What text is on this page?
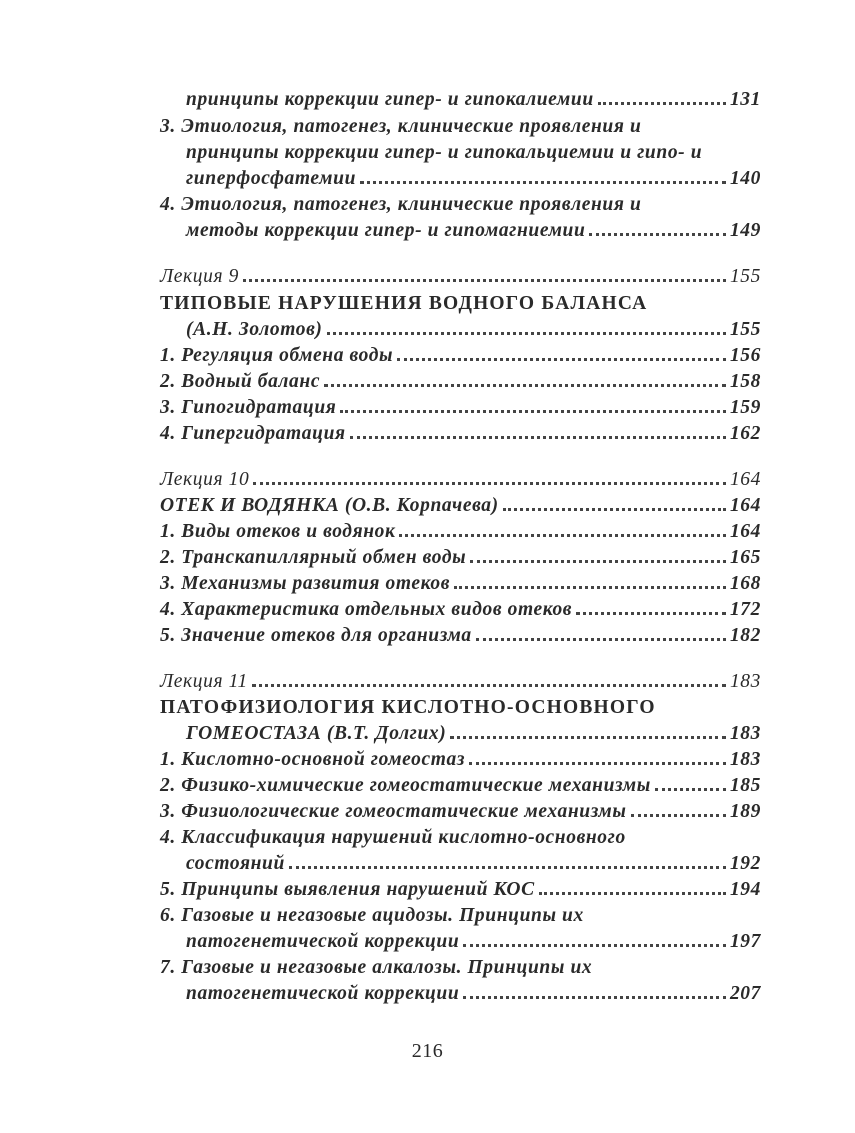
принципы коррекции гипер- и гипокалиемии	131
3. Этиология, патогенез, клинические проявления и
принципы коррекции гипер- и гипокальциемии и гипо- и
гиперфосфатемии	140
4. Этиология, патогенез, клинические проявления и
методы коррекции гипер- и гипомагниемии	149
Лекция 9	155
ТИПОВЫЕ НАРУШЕНИЯ ВОДНОГО БАЛАНСА
(А.Н. Золотов)	155
1. Регуляция обмена воды	156
2. Водный баланс	158
3. Гипогидратация	159
4. Гипергидратация	162
Лекция 10	164
ОТЕК И ВОДЯНКА (О.В. Корпачева)	164
1. Виды отеков и водянок	164
2. Транскапиллярный обмен воды	165
3. Механизмы развития отеков	168
4. Характеристика отдельных видов отеков	172
5. Значение отеков для организма	182
Лекция 11	183
ПАТОФИЗИОЛОГИЯ КИСЛОТНО-ОСНОВНОГО
ГОМЕОСТАЗА (В.Т. Долгих)	183
1. Кислотно-основной гомеостаз	183
2. Физико-химические гомеостатические механизмы	185
3. Физиологические гомеостатические механизмы	189
4. Классификация нарушений кислотно-основного
состояний	192
5. Принципы выявления нарушений КОС	194
6. Газовые и негазовые ацидозы. Принципы их
патогенетической коррекции	197
7. Газовые и негазовые алкалозы. Принципы их
патогенетической коррекции	207
216
